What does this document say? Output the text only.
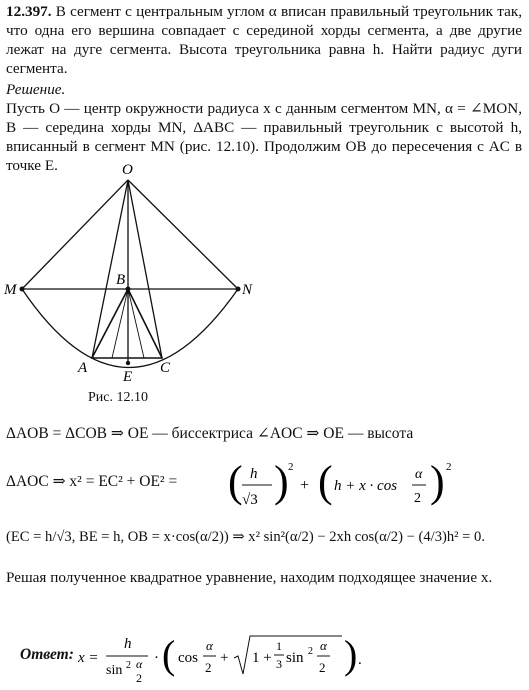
12.397. В сегмент с центральным углом α вписан правильный треугольник так, что одна его вершина совпадает с серединой хорды сегмента, а две другие лежат на дуге сегмента. Высота треугольника равна h. Найти радиус дуги сегмента.

Решение.
Пусть O — центр окружности радиуса x с данным сегментом MN, α = ∠MON, B — середина хорды MN, ΔABC — правильный треугольник с высотой h, вписанный в сегмент MN (рис. 12.10). Продолжим OB до пересечения с AC в точке E.	O
M	N
B
A
E
C
Рис. 12.10
ΔAOB = ΔCOB ⇒ OE — биссектриса ∠AOC ⇒ OE — высота
ΔAOC ⇒ x² = EC² + OE² = ( h
√3 ) 2
+ ( h + x · cos
α
2 ) 2
(EC = h/√3, BE = h, OB = x·cos(α/2)) ⇒ x² sin²(α/2) − 2xh cos(α/2) − (4/3)h² = 0.

Решая полученное квадратное уравнение, находим подходящее значение x.

Ответ: x =
h
sin 2 α
2
· ( cos
α
2
+ 1 +
1
3 sin 2 α
2 ) .
